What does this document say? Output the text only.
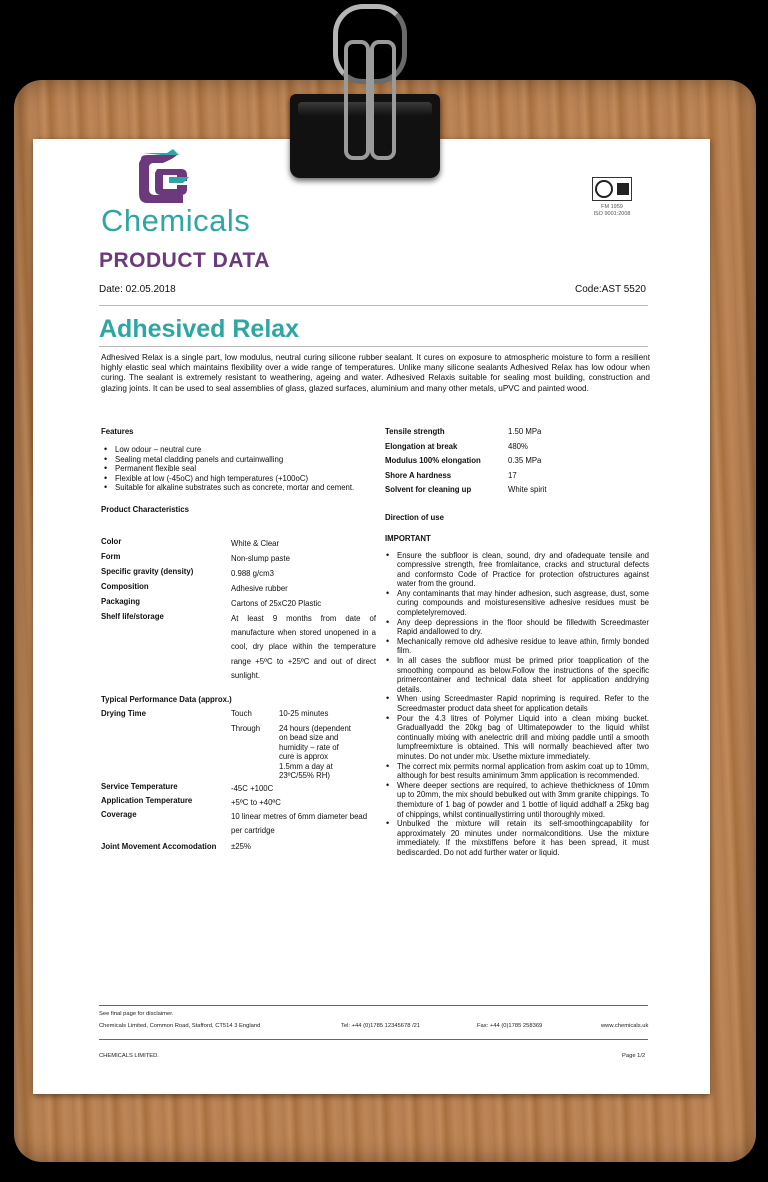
Chemicals
PRODUCT DATA
Date: 02.05.2018	Code:AST 5520
FM 1959
ISO 9001:2008
Adhesived Relax
Adhesived Relax is a single part, low modulus, neutral curing silicone rubber sealant. It cures on exposure to atmospheric moisture to form a resilient highly elastic seal which maintains flexibility over a wide range of temperatures. Unlike many silicone sealants Adhesived Relax has low odour when curing. The sealant is extremely resistant to weathering, ageing and water. Adhesived Relaxis suitable for sealing most building, construction and glazing joints. It can be used to seal assemblies of glass, glazed surfaces, aluminium and many other metals, uPVC and painted wood.
Features
• Low odour – neutral cure
• Sealing metal cladding panels and curtainwalling
• Permanent flexible seal
• Flexible at low (-45oC) and high temperatures (+100oC)
• Suitable for alkaline substrates such as concrete, mortar and cement.
Product Characteristics
Color	White & Clear
Form	Non-slump paste
Specific gravity (density)	0.988 g/cm3
Composition	Adhesive rubber
Packaging	Cartons of 25xC20 Plastic
Shelf life/storage	At least 9 months from date of manufacture when stored unopened in a cool, dry place within the temperature range +5ºC to +25ºC and out of direct sunlight.
Typical Performance Data (approx.)
Drying Time	Touch	10-25 minutes
Through	24 hours (dependent on bead size and humidity – rate of cure is approx 1.5mm a day at 23ºC/55% RH)
Service Temperature	-45C +100C
Application Temperature	+5ºC to +40ºC
Coverage	10 linear metres of 6mm diameter bead per cartridge
Joint Movement Accomodation	±25%
Tensile strength	1.50 MPa
Elongation at break	480%
Modulus 100% elongation	0.35 MPa
Shore A hardness	17
Solvent for cleaning up	White spirit
Direction of use
IMPORTANT
• Ensure the subfloor is clean, sound, dry and ofadequate tensile and compressive strength, free fromlaitance, cracks and structural defects and conformsto Code of Practice for protection ofstructures against water from the ground.
• Any contaminants that may hinder adhesion, such asgrease, dust, some curing compounds and moisturesensitive adhesive residues must be completelyremoved.
• Any deep depressions in the floor should be filledwith Screedmaster Rapid andallowed to dry.
• Mechanically remove old adhesive residue to leave athin, firmly bonded film.
• In all cases the subfloor must be primed prior toapplication of the smoothing compound as below.Follow the instructions of the specific primercontainer and technical data sheet for application anddrying details.
• When using Screedmaster Rapid nopriming is required. Refer to the Screedmaster product data sheet for application details
• Pour the 4.3 litres of Polymer Liquid into a clean mixing bucket. Graduallyadd the 20kg bag of Ultimatepowder to the liquid whilst continually mixing with anelectric drill and mixing paddle until a smooth lumpfreemixture is obtained. This will normally beachieved after two minutes. Do not under mix. Usethe mixture immediately.
• The correct mix permits normal application from askim coat up to 10mm, although for best results aminimum 3mm application is recommended.
• Where deeper sections are required, to achieve thethickness of 10mm up to 20mm, the mix should bebulked out with 3mm granite chippings. To themixture of 1 bag of powder and 1 bottle of liquid addhalf a 25kg bag of chippings, whilst continuallystirring until thoroughly mixed.
• Unbulked the mixture will retain its self-smoothingcapability for approximately 20 minutes under normalconditions. Use the mixture immediately. If the mixstiffens before it has been spread, it must bediscarded. Do not add further water or liquid.
See final page for disclaimer.
Chemicals Limited, Common Road, Stafford, CT514 3 England	Tel: +44 (0)1785 12345678 /21	Fax: +44 (0)1785 258369	www.chemicals.uk
CHEMICALS LIMITED.	Page 1/2
